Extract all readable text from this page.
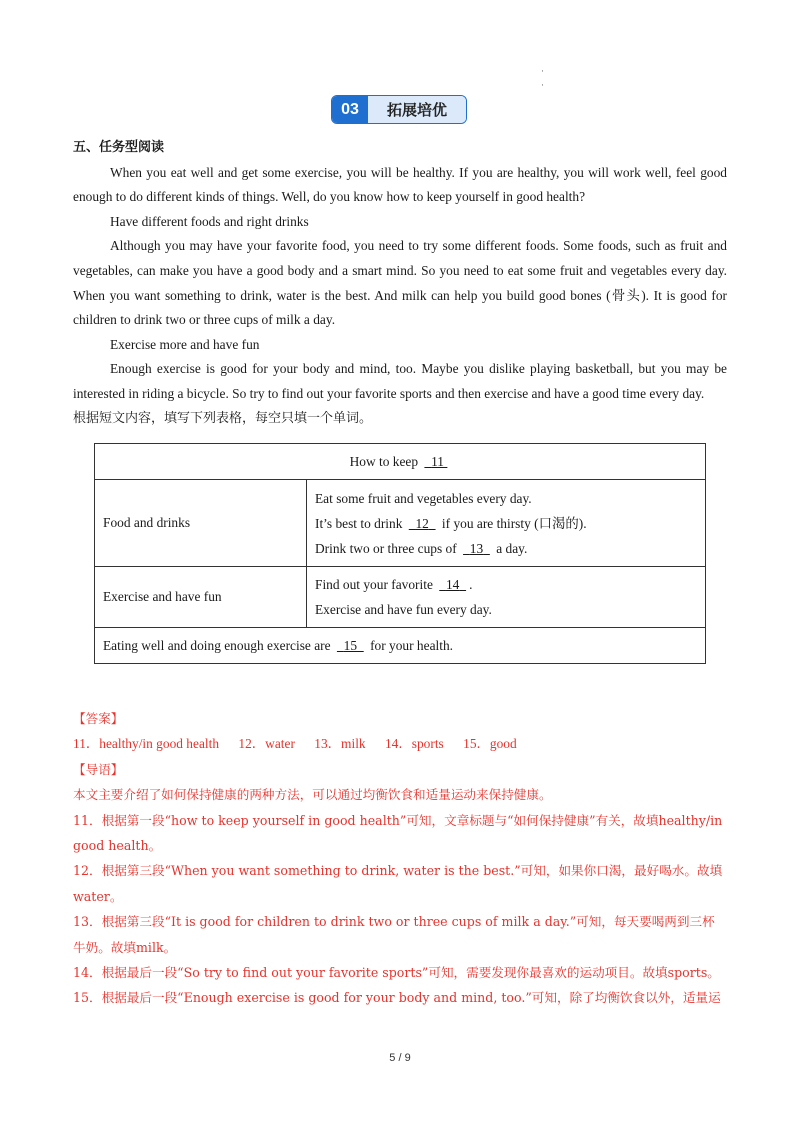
·
·
03	拓展培优
五、任务型阅读

When you eat well and get some exercise, you will be healthy. If you are healthy, you will work well, feel good enough to do different kinds of things. Well, do you know how to keep yourself in good health?

Have different foods and right drinks

Although you may have your favorite food, you need to try some different foods. Some foods, such as fruit and vegetables, can make you have a good body and a smart mind. So you need to eat some fruit and vegetables every day. When you want something to drink, water is the best. And milk can help you build good bones (骨头). It is good for children to drink two or three cups of milk a day.

Exercise more and have fun

Enough exercise is good for your body and mind, too. Maybe you dislike playing basketball, but you may be interested in riding a bicycle. So try to find out your favorite sports and then exercise and have a good time every day.

根据短文内容，填写下列表格，每空只填一个单词。

How to keep 11	
Food and drinks	Eat some fruit and vegetables every day.
It’s best to drink 12 if you are thirsty (口渴的).
Drink two or three cups of 13 a day.

Exercise and have fun	Find out your favorite 14 .
Exercise and have fun every day.

Eating well and doing enough exercise are 15 for your health.	

【答案】

11．healthy/in good health 12．water 13．milk 14．sports 15．good

【导语】

本文主要介绍了如何保持健康的两种方法，可以通过均衡饮食和适量运动来保持健康。

11．根据第一段“how to keep yourself in good health”可知，文章标题与“如何保持健康”有关，故填healthy/in good health。

12．根据第三段“When you want something to drink, water is the best.”可知，如果你口渴，最好喝水。故填water。

13．根据第三段“It is good for children to drink two or three cups of milk a day.”可知，每天要喝两到三杯牛奶。故填milk。

14．根据最后一段“So try to find out your favorite sports”可知，需要发现你最喜欢的运动项目。故填sports。

15．根据最后一段“Enough exercise is good for your body and mind, too.”可知，除了均衡饮食以外，适量运

5 / 9
